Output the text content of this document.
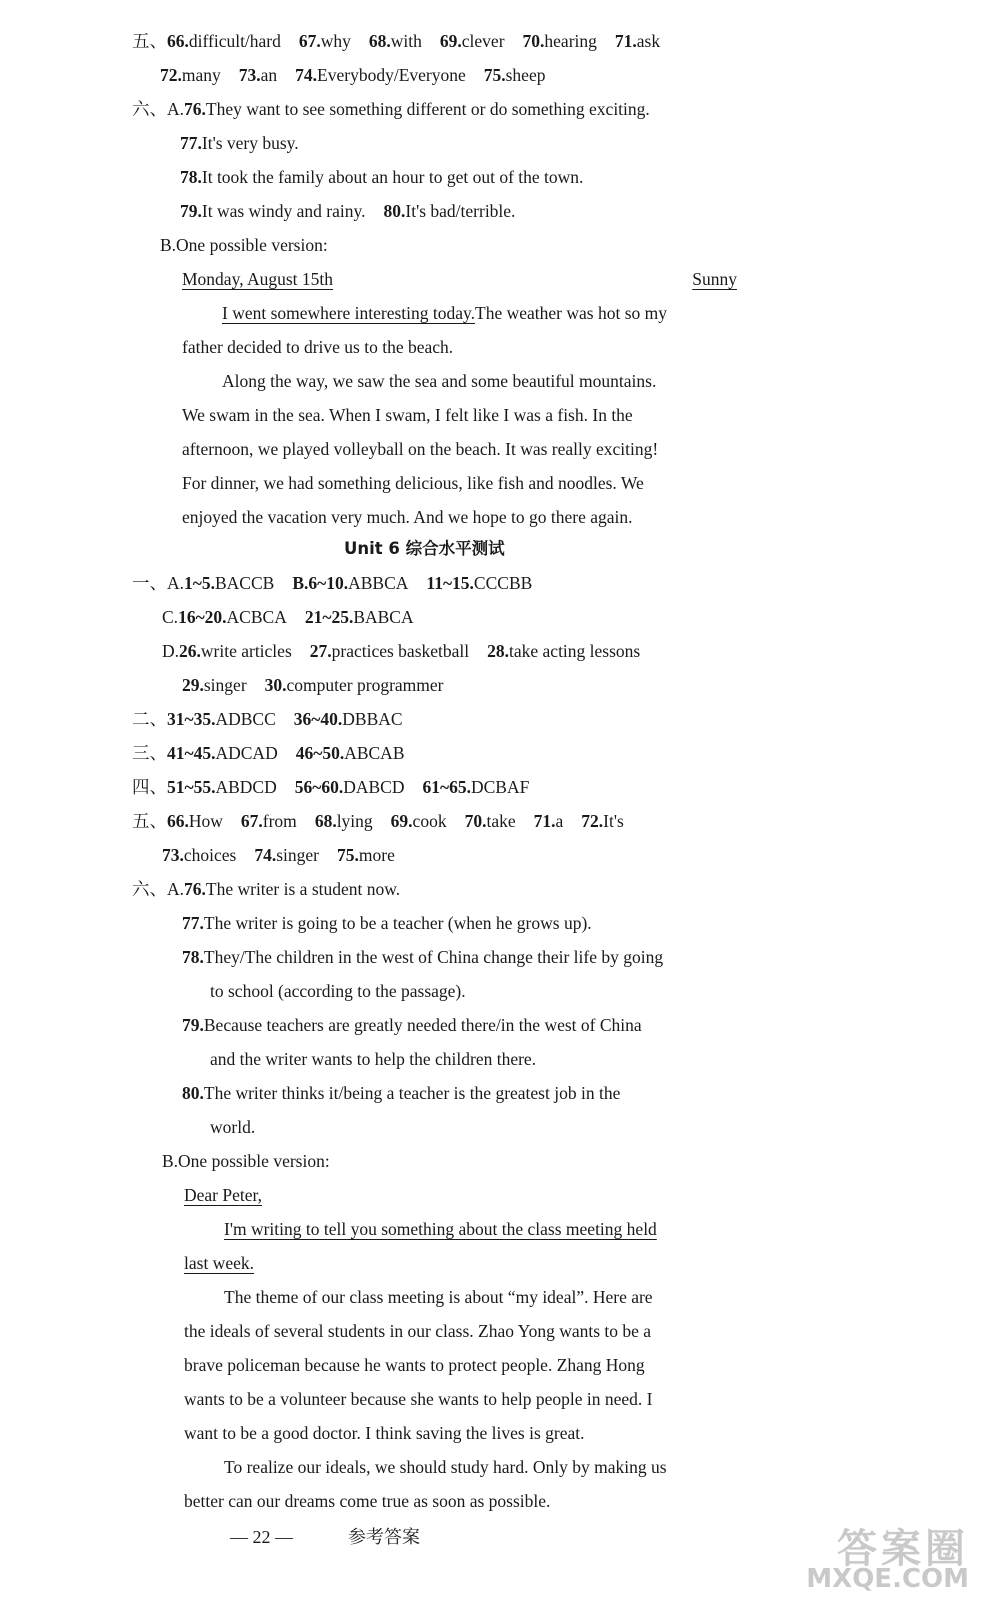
五、66.difficult/hard 67.why 68.with 69.clever 70.hearing 71.ask
72.many 73.an 74.Everybody/Everyone 75.sheep
六、A.76.They want to see something different or do something exciting.
77.It's very busy.
78.It took the family about an hour to get out of the town.
79.It was windy and rainy. 80.It's bad/terrible.
B.One possible version:
Monday, August 15th	Sunny
I went somewhere interesting today.The weather was hot so my
father decided to drive us to the beach.
Along the way, we saw the sea and some beautiful mountains.
We swam in the sea. When I swam, I felt like I was a fish. In the
afternoon, we played volleyball on the beach. It was really exciting!
For dinner, we had something delicious, like fish and noodles. We
enjoyed the vacation very much. And we hope to go there again.
Unit 6 综合水平测试
一、A.1~5.BACCB B.6~10.ABBCA 11~15.CCCBB
C.16~20.ACBCA 21~25.BABCA
D.26.write articles 27.practices basketball 28.take acting lessons
29.singer 30.computer programmer
二、31~35.ADBCC 36~40.DBBAC
三、41~45.ADCAD 46~50.ABCAB
四、51~55.ABDCD 56~60.DABCD 61~65.DCBAF
五、66.How 67.from 68.lying 69.cook 70.take 71.a 72.It's
73.choices 74.singer 75.more
六、A.76.The writer is a student now.
77.The writer is going to be a teacher (when he grows up).
78.They/The children in the west of China change their life by going
to school (according to the passage).
79.Because teachers are greatly needed there/in the west of China
and the writer wants to help the children there.
80.The writer thinks it/being a teacher is the greatest job in the
world.
B.One possible version:
Dear Peter,
I'm writing to tell you something about the class meeting held
last week.
The theme of our class meeting is about “my ideal”. Here are
the ideals of several students in our class. Zhao Yong wants to be a
brave policeman because he wants to protect people. Zhang Hong
wants to be a volunteer because she wants to help people in need. I
want to be a good doctor. I think saving the lives is great.
To realize our ideals, we should study hard. Only by making us
better can our dreams come true as soon as possible.
— 22 —	参考答案	答案圈
MXQE.COM
